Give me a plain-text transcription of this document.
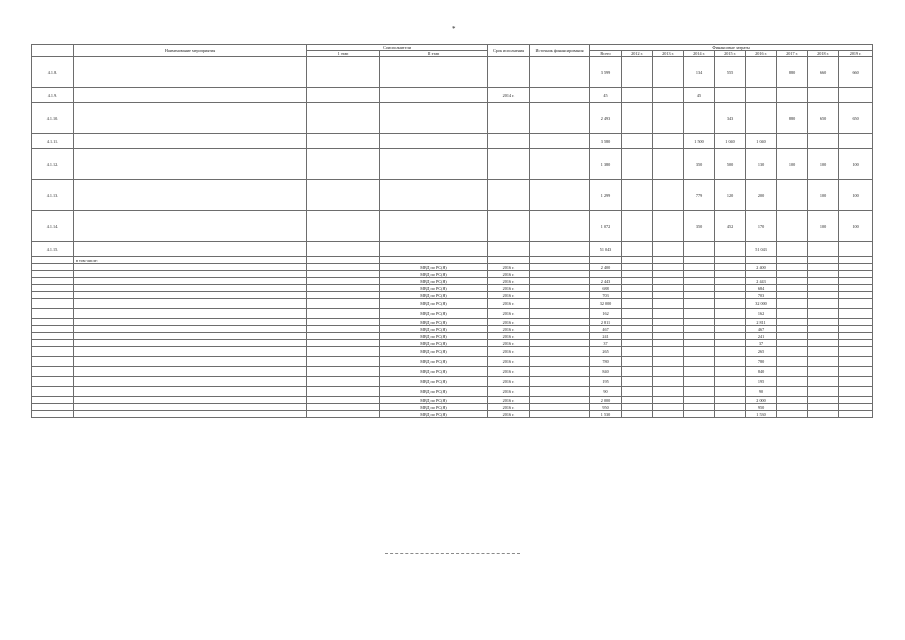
*
	Наименование мероприятия	Соисполнители		Срок исполнения	Источник финансирования	Финансовые затраты								
		1 этап	II этап			Всего	2012 г.	2013 г.	2014 г.	2015 г.	2016 г.	2017 г.	2018 г.	2019 г.
4.1.8.						3 599			134	555		880	660	660
4.1.9.				2014 г.		45			45					
4.1.10.						2 493				343		880	650	650
4.1.11.						3 580			1 500	1 040	1 040			
4.1.12.						1 380			350	500	130	100	100	100
4.1.13.						1 299			779	120	200		100	100
4.1.14.						1 072			350	452	170		100	100
4.1.15.						51 043					51 043			
	в том числе:													
			МВД по РС(Я)	2016 г.		2 400					2 400			
			МВД по РС(Я)	2016 г.										
			МВД по РС(Я)	2016 г.		2 443					2 443			
			МВД по РС(Я)	2016 г.		688					684			
			МВД по РС(Я)	2016 г.		703					703			
			МВД по РС(Я)	2016 г.		32 000					32 000			
			МВД по РС(Я)	2016 г.		162					162			
			МВД по РС(Я)	2016 г.		2 811					2 811			
			МВД по РС(Я)	2016 г.		467					467			
			МВД по РС(Я)	2016 г.		241					241			
			МВД по РС(Я)	2016 г.		37					37			
			МВД по РС(Я)	2016 г.		265					265			
			МВД по РС(Я)	2016 г.		780					780			
			МВД по РС(Я)	2016 г.		840					840			
			МВД по РС(Я)	2016 г.		195					195			
			МВД по РС(Я)	2016 г.		90					90			
			МВД по РС(Я)	2016 г.		2 000					2 000			
			МВД по РС(Я)	2016 г.		950					950			
			МВД по РС(Я)	2016 г.		1 530					1 530			
